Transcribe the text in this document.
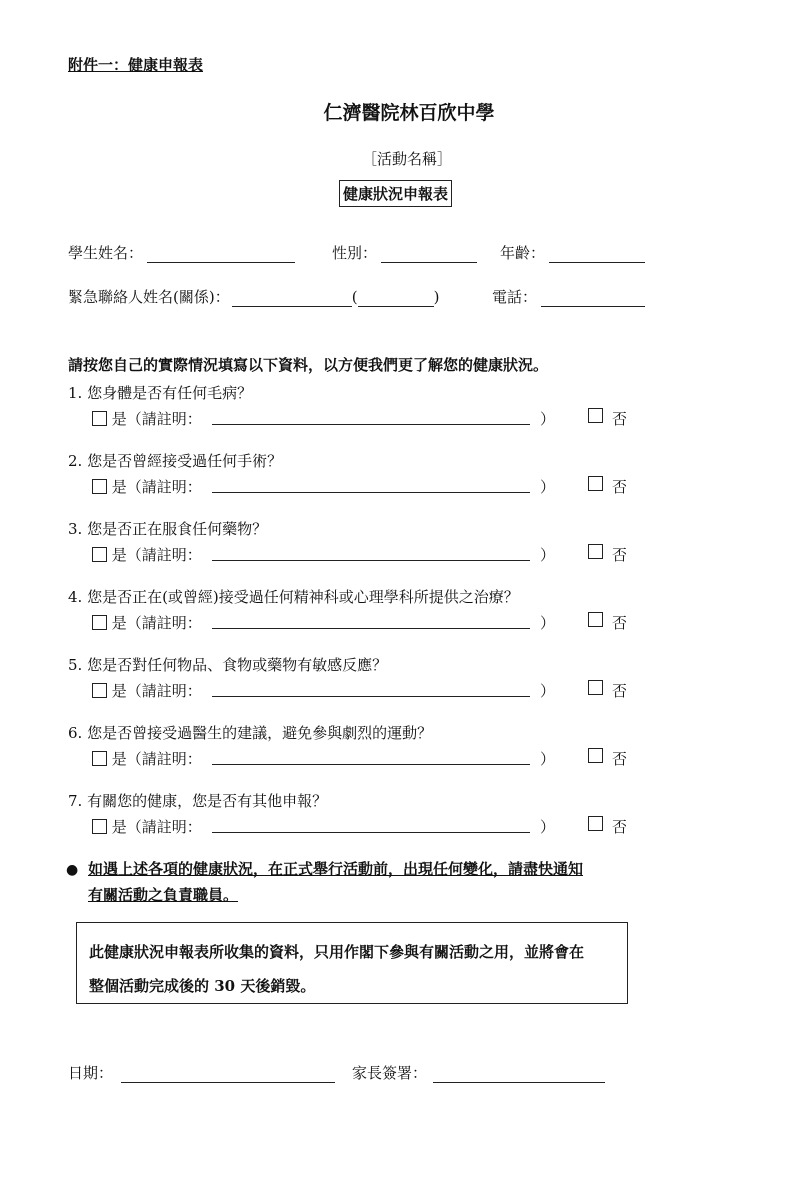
附件一：健康申報表
仁濟醫院林百欣中學
［活動名稱］
健康狀況申報表
學生姓名：	性別：	年齡：
緊急聯絡人姓名(關係)：	(	)	電話：
請按您自己的實際情況填寫以下資料，以方便我們更了解您的健康狀況。
1. 您身體是否有任何毛病？
是（請註明：	）	否
2. 您是否曾經接受過任何手術？
是（請註明：	）	否
3. 您是否正在服食任何藥物？
是（請註明：	）	否
4. 您是否正在(或曾經)接受過任何精神科或心理學科所提供之治療？
是（請註明：	）	否
5. 您是否對任何物品、食物或藥物有敏感反應？
是（請註明：	）	否
6. 您是否曾接受過醫生的建議，避免參與劇烈的運動？
是（請註明：	）	否
7. 有關您的健康，您是否有其他申報？
是（請註明：	）	否
● 如遇上述各項的健康狀況，在正式舉行活動前，出現任何變化，請盡快通知
有關活動之負責職員。
此健康狀況申報表所收集的資料，只用作閣下參與有關活動之用，並將會在
整個活動完成後的 30 天後銷毀。
日期：	家長簽署：
